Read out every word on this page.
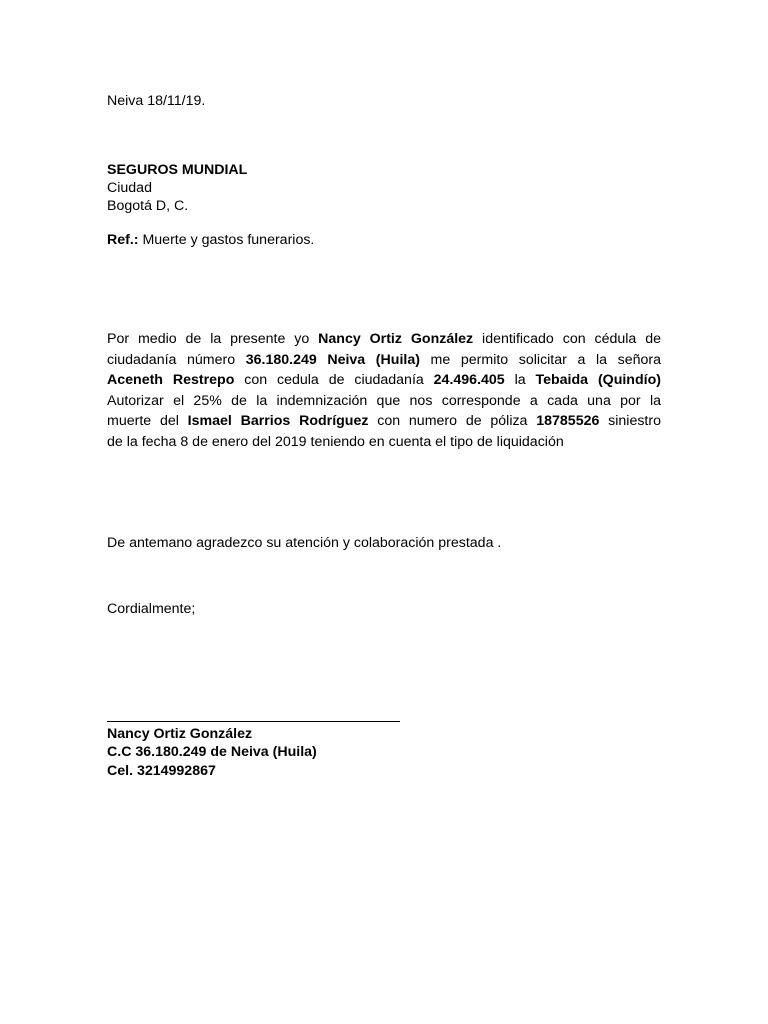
Neiva 18/11/19.
SEGUROS MUNDIAL
Ciudad
Bogotá D, C.
Ref.: Muerte y gastos funerarios.
Por medio de la presente yo Nancy Ortiz González identificado con cédula de
ciudadanía número 36.180.249 Neiva (Huila) me permito solicitar a la señora
Aceneth Restrepo con cedula de ciudadanía 24.496.405 la Tebaida (Quindío)
Autorizar el 25% de la indemnización que nos corresponde a cada una por la
muerte del Ismael Barrios Rodríguez con numero de póliza 18785526 siniestro
de la fecha 8 de enero del 2019 teniendo en cuenta el tipo de liquidación
De antemano agradezco su atención y colaboración prestada .
Cordialmente;
Nancy Ortiz González
C.C 36.180.249 de Neiva (Huila)
Cel. 3214992867
